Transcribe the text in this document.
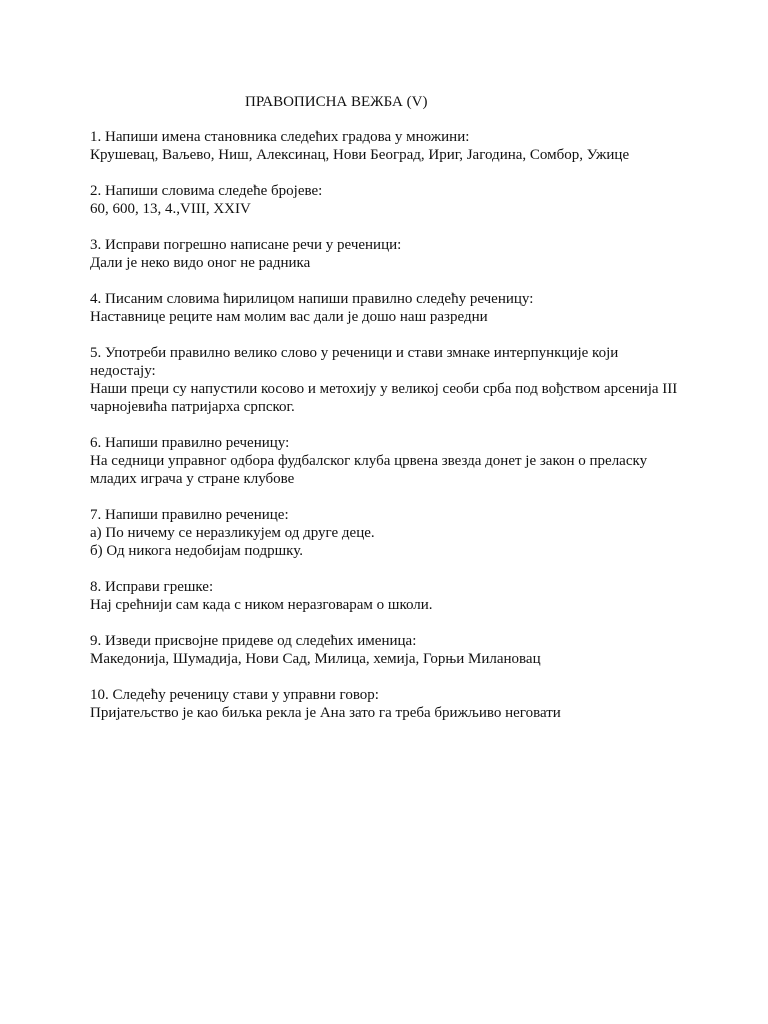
ПРАВОПИСНА ВЕЖБА (V)
1. Напиши имена становника следећих градова у множини:
Крушевац, Ваљево, Ниш, Алексинац, Нови Београд, Ириг, Јагодина, Сомбор, Ужице
2. Напиши словима следеће бројеве:
60, 600, 13, 4.,VIII, XXIV
3. Исправи погрешно написане речи у реченици:
Дали је неко видо оног не радника
4. Писаним словима ћирилицом напиши правилно следећу реченицу:
Наставнице реците нам молим вас дали је дошо наш разредни
5. Употреби правилно велико слово у реченици и стави змнаке интерпункције који недостају:
Наши преци су напустили косово и метохију у великој сеоби срба под вођством арсенија III чарнојевића патријарха српског.
6. Напиши правилно реченицу:
На седници управног одбора фудбалског клуба црвена звезда донет је закон о преласку младих играча у стране клубове
7. Напиши правилно реченице:
а) По ничему се неразликујем од друге деце.
б) Од никога недобијам подршку.
8. Исправи грешке:
Нај срећнији сам када с ником неразговарам о школи.
9. Изведи присвојне придеве од следећих именица:
Македонија, Шумадија, Нови Сад, Милица, хемија, Горњи Милановац
10. Следећу реченицу стави у управни говор:
Пријатељство је као биљка рекла је Ана зато га треба брижљиво неговати
